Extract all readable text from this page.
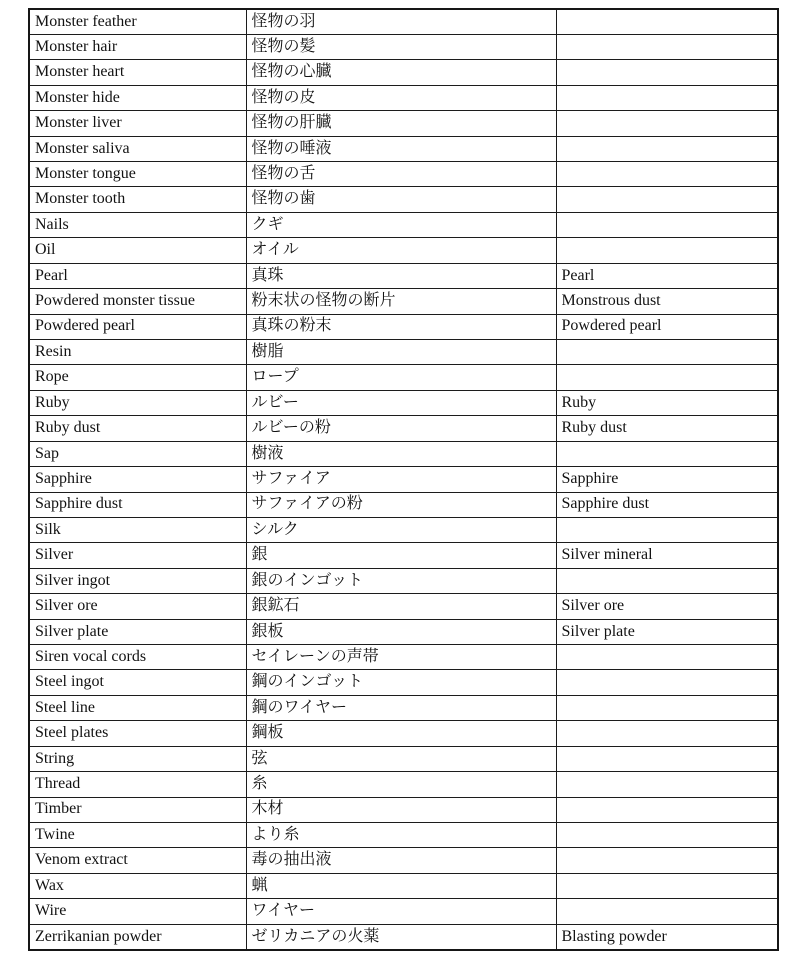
Monster feather	怪物の羽	
Monster hair	怪物の髪	
Monster heart	怪物の心臓	
Monster hide	怪物の皮	
Monster liver	怪物の肝臓	
Monster saliva	怪物の唾液	
Monster tongue	怪物の舌	
Monster tooth	怪物の歯	
Nails	クギ	
Oil	オイル	
Pearl	真珠	Pearl
Powdered monster tissue	粉末状の怪物の断片	Monstrous dust
Powdered pearl	真珠の粉末	Powdered pearl
Resin	樹脂	
Rope	ロープ	
Ruby	ルビー	Ruby
Ruby dust	ルビーの粉	Ruby dust
Sap	樹液	
Sapphire	サファイア	Sapphire
Sapphire dust	サファイアの粉	Sapphire dust
Silk	シルク	
Silver	銀	Silver mineral
Silver ingot	銀のインゴット	
Silver ore	銀鉱石	Silver ore
Silver plate	銀板	Silver plate
Siren vocal cords	セイレーンの声帯	
Steel ingot	鋼のインゴット	
Steel line	鋼のワイヤー	
Steel plates	鋼板	
String	弦	
Thread	糸	
Timber	木材	
Twine	より糸	
Venom extract	毒の抽出液	
Wax	蝋	
Wire	ワイヤー	
Zerrikanian powder	ゼリカニアの火薬	Blasting powder
